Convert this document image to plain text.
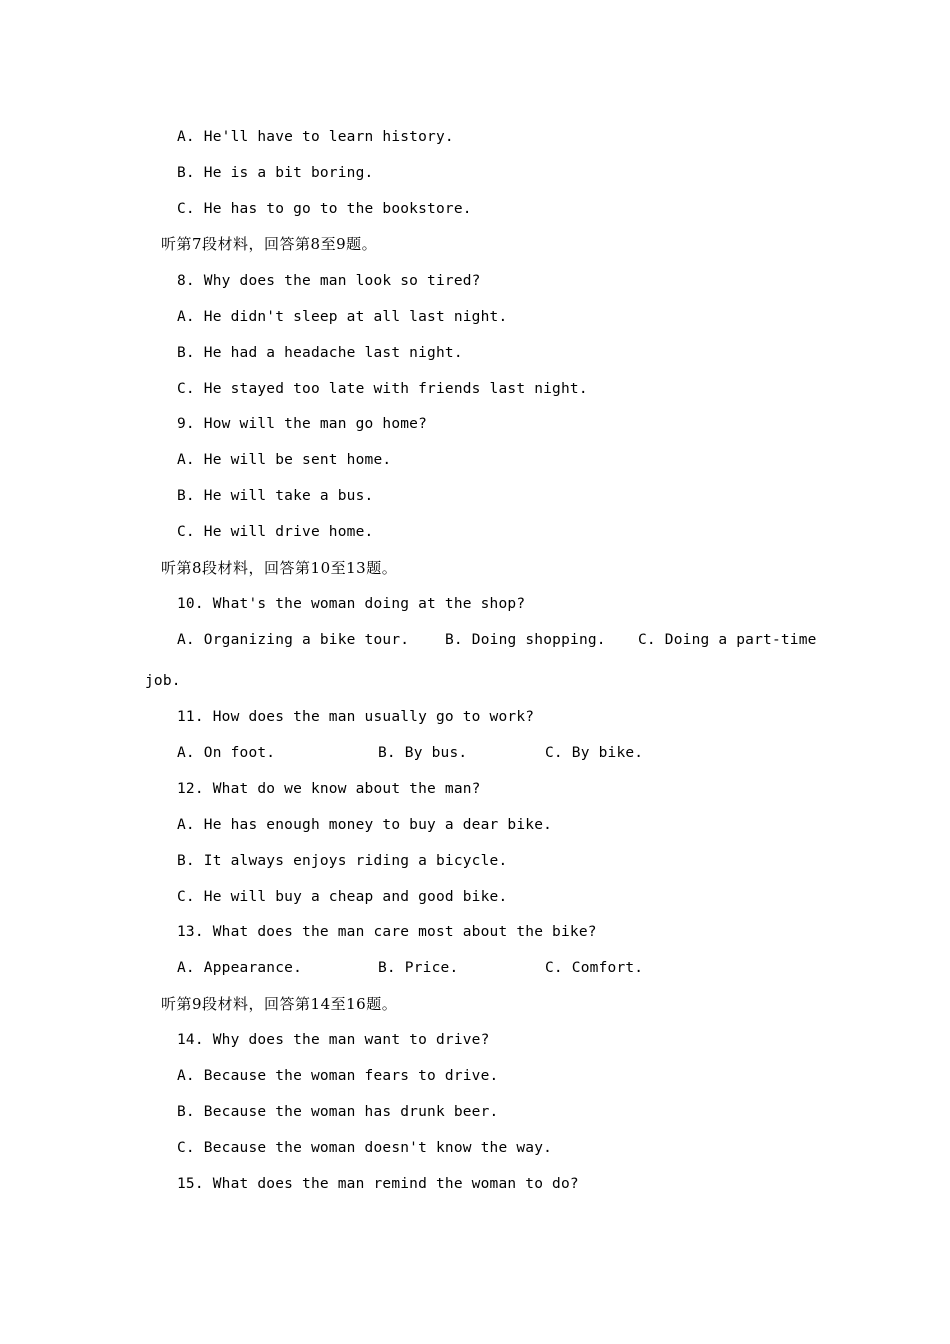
A. He'll have to learn history.
B. He is a bit boring.
C. He has to go to the bookstore.
听第7段材料，回答第8至9题。
8. Why does the man look so tired?
A. He didn't sleep at all last night.
B. He had a headache last night.
C. He stayed too late with friends last night.
9. How will the man go home?
A. He will be sent home.
B. He will take a bus.
C. He will drive home.
听第8段材料，回答第10至13题。
10. What's the woman doing at the shop?

A. Organizing a bike tour.

B. Doing shopping.

C. Doing a part-time

job.
11. How does the man usually go to work?

A. On foot.

	B. By bus.

	C. By bike.

12. What do we know about the man?
A. He has enough money to buy a dear bike.
B. It always enjoys riding a bicycle.
C. He will buy a cheap and good bike.
13. What does the man care most about the bike?

A. Appearance.

	B. Price.

	C. Comfort.

听第9段材料，回答第14至16题。
14. Why does the man want to drive?
A. Because the woman fears to drive.
B. Because the woman has drunk beer.
C. Because the woman doesn't know the way.
15. What does the man remind the woman to do?
